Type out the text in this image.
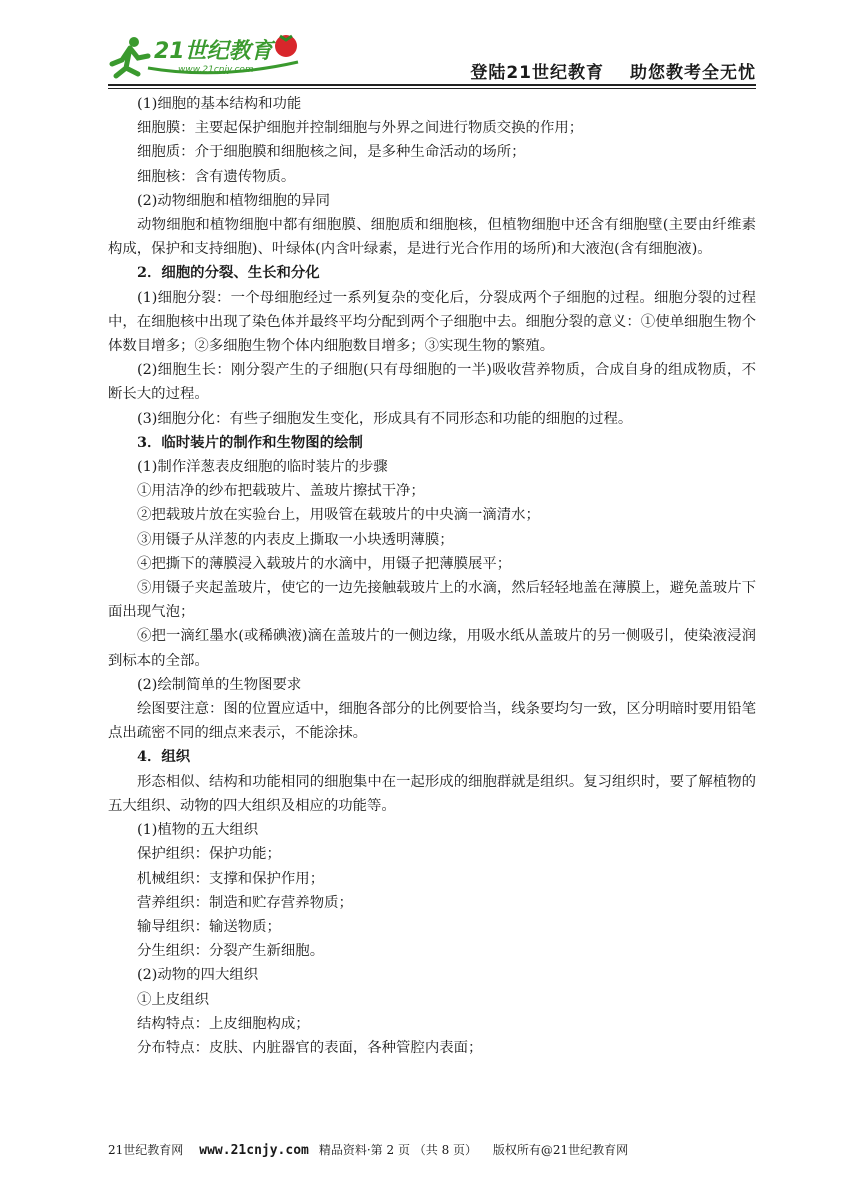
21世纪教育
www.21cnjy.com	登陆21世纪教育 助您教考全无忧

(1)细胞的基本结构和功能

细胞膜：主要起保护细胞并控制细胞与外界之间进行物质交换的作用；

细胞质：介于细胞膜和细胞核之间，是多种生命活动的场所；

细胞核：含有遗传物质。

(2)动物细胞和植物细胞的异同

动物细胞和植物细胞中都有细胞膜、细胞质和细胞核，但植物细胞中还含有细胞壁(主要由纤维素构成，保护和支持细胞)、叶绿体(内含叶绿素，是进行光合作用的场所)和大液泡(含有细胞液)。

2．细胞的分裂、生长和分化

(1)细胞分裂：一个母细胞经过一系列复杂的变化后，分裂成两个子细胞的过程。细胞分裂的过程中，在细胞核中出现了染色体并最终平均分配到两个子细胞中去。细胞分裂的意义：①使单细胞生物个体数目增多；②多细胞生物个体内细胞数目增多；③实现生物的繁殖。

(2)细胞生长：刚分裂产生的子细胞(只有母细胞的一半)吸收营养物质，合成自身的组成物质，不断长大的过程。

(3)细胞分化：有些子细胞发生变化，形成具有不同形态和功能的细胞的过程。

3．临时装片的制作和生物图的绘制

(1)制作洋葱表皮细胞的临时装片的步骤

①用洁净的纱布把载玻片、盖玻片擦拭干净；

②把载玻片放在实验台上，用吸管在载玻片的中央滴一滴清水；

③用镊子从洋葱的内表皮上撕取一小块透明薄膜；

④把撕下的薄膜浸入载玻片的水滴中，用镊子把薄膜展平；

⑤用镊子夹起盖玻片，使它的一边先接触载玻片上的水滴，然后轻轻地盖在薄膜上，避免盖玻片下面出现气泡；

⑥把一滴红墨水(或稀碘液)滴在盖玻片的一侧边缘，用吸水纸从盖玻片的另一侧吸引，使染液浸润到标本的全部。

(2)绘制简单的生物图要求

绘图要注意：图的位置应适中，细胞各部分的比例要恰当，线条要均匀一致，区分明暗时要用铅笔点出疏密不同的细点来表示，不能涂抹。

4．组织

形态相似、结构和功能相同的细胞集中在一起形成的细胞群就是组织。复习组织时，要了解植物的五大组织、动物的四大组织及相应的功能等。

(1)植物的五大组织

保护组织：保护功能；

机械组织：支撑和保护作用；

营养组织：制造和贮存营养物质；

输导组织：输送物质；

分生组织：分裂产生新细胞。

(2)动物的四大组织

①上皮组织

结构特点：上皮细胞构成；

分布特点：皮肤、内脏器官的表面，各种管腔内表面；

21世纪教育网 www.21cnjy.com 精品资料·第 2 页 （共 8 页） 版权所有@21世纪教育网
